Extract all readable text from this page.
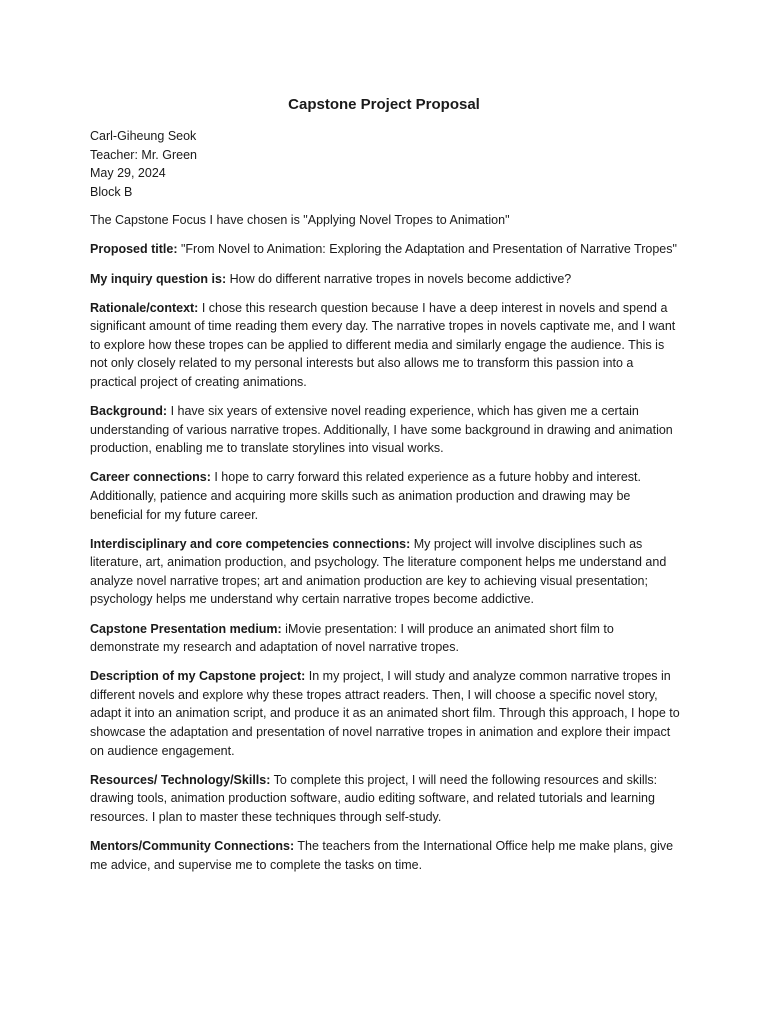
Capstone Project Proposal
Carl-Giheung Seok
Teacher: Mr. Green
May 29, 2024
Block B

The Capstone Focus I have chosen is "Applying Novel Tropes to Animation"

Proposed title: "From Novel to Animation: Exploring the Adaptation and Presentation of Narrative Tropes"

My inquiry question is: How do different narrative tropes in novels become addictive?

Rationale/context: I chose this research question because I have a deep interest in novels and spend a significant amount of time reading them every day. The narrative tropes in novels captivate me, and I want to explore how these tropes can be applied to different media and similarly engage the audience. This is not only closely related to my personal interests but also allows me to transform this passion into a practical project of creating animations.

Background: I have six years of extensive novel reading experience, which has given me a certain understanding of various narrative tropes. Additionally, I have some background in drawing and animation production, enabling me to translate storylines into visual works.

Career connections: I hope to carry forward this related experience as a future hobby and interest. Additionally, patience and acquiring more skills such as animation production and drawing may be beneficial for my future career.

Interdisciplinary and core competencies connections: My project will involve disciplines such as literature, art, animation production, and psychology. The literature component helps me understand and analyze novel narrative tropes; art and animation production are key to achieving visual presentation; psychology helps me understand why certain narrative tropes become addictive.

Capstone Presentation medium: iMovie presentation: I will produce an animated short film to demonstrate my research and adaptation of novel narrative tropes.

Description of my Capstone project: In my project, I will study and analyze common narrative tropes in different novels and explore why these tropes attract readers. Then, I will choose a specific novel story, adapt it into an animation script, and produce it as an animated short film. Through this approach, I hope to showcase the adaptation and presentation of novel narrative tropes in animation and explore their impact on audience engagement.

Resources/ Technology/Skills: To complete this project, I will need the following resources and skills: drawing tools, animation production software, audio editing software, and related tutorials and learning resources. I plan to master these techniques through self-study.

Mentors/Community Connections: The teachers from the International Office help me make plans, give me advice, and supervise me to complete the tasks on time.
